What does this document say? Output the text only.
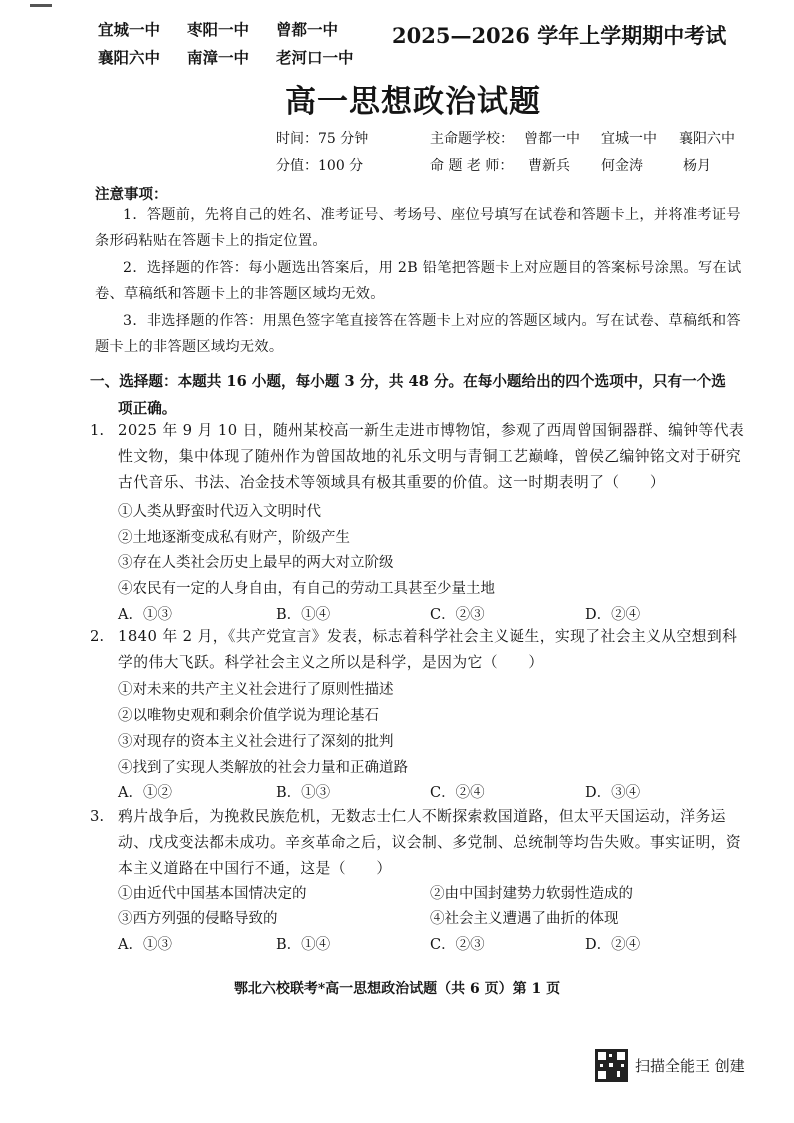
宜城一中 枣阳一中 曾都一中
襄阳六中 南漳一中 老河口一中
2025—2026 学年上学期期中考试
高一思想政治试题
时间：75 分钟
分值：100 分
主命题学校： 曾都一中 宜城一中 襄阳六中
命 题 老 师： 曹新兵 何金涛	杨月
注意事项：
1．答题前，先将自己的姓名、准考证号、考场号、座位号填写在试卷和答题卡上，并将准考证号条形码粘贴在答题卡上的指定位置。
2．选择题的作答：每小题选出答案后，用 2B 铅笔把答题卡上对应题目的答案标号涂黑。写在试卷、草稿纸和答题卡上的非答题区域均无效。
3．非选择题的作答：用黑色签字笔直接答在答题卡上对应的答题区域内。写在试卷、草稿纸和答题卡上的非答题区域均无效。
一、选择题：本题共 16 小题，每小题 3 分，共 48 分。在每小题给出的四个选项中，只有一个选
项正确。
1. 2025 年 9 月 10 日，随州某校高一新生走进市博物馆，参观了西周曾国铜器群、编钟等代表性文物，集中体现了随州作为曾国故地的礼乐文明与青铜工艺巅峰，曾侯乙编钟铭文对于研究古代音乐、书法、冶金技术等领域具有极其重要的价值。这一时期表明了（　　）
①人类从野蛮时代迈入文明时代
②土地逐渐变成私有财产，阶级产生
③存在人类社会历史上最早的两大对立阶级
④农民有一定的人身自由，有自己的劳动工具甚至少量土地
A．①③	B．①④	C．②③	D．②④
2. 1840 年 2 月，《共产党宣言》发表，标志着科学社会主义诞生，实现了社会主义从空想到科学的伟大飞跃。科学社会主义之所以是科学，是因为它（　　）
①对未来的共产主义社会进行了原则性描述
②以唯物史观和剩余价值学说为理论基石
③对现存的资本主义社会进行了深刻的批判
④找到了实现人类解放的社会力量和正确道路
A．①②	B．①③	C．②④	D．③④
3. 鸦片战争后，为挽救民族危机，无数志士仁人不断探索救国道路，但太平天国运动，洋务运动、戊戌变法都未成功。辛亥革命之后，议会制、多党制、总统制等均告失败。事实证明，资本主义道路在中国行不通，这是（　　）
①由近代中国基本国情决定的	②由中国封建势力软弱性造成的
③西方列强的侵略导致的	④社会主义遭遇了曲折的体现
A．①③	B．①④	C．②③	D．②④
鄂北六校联考*高一思想政治试题（共 6 页）第 1 页
扫描全能王 创建
